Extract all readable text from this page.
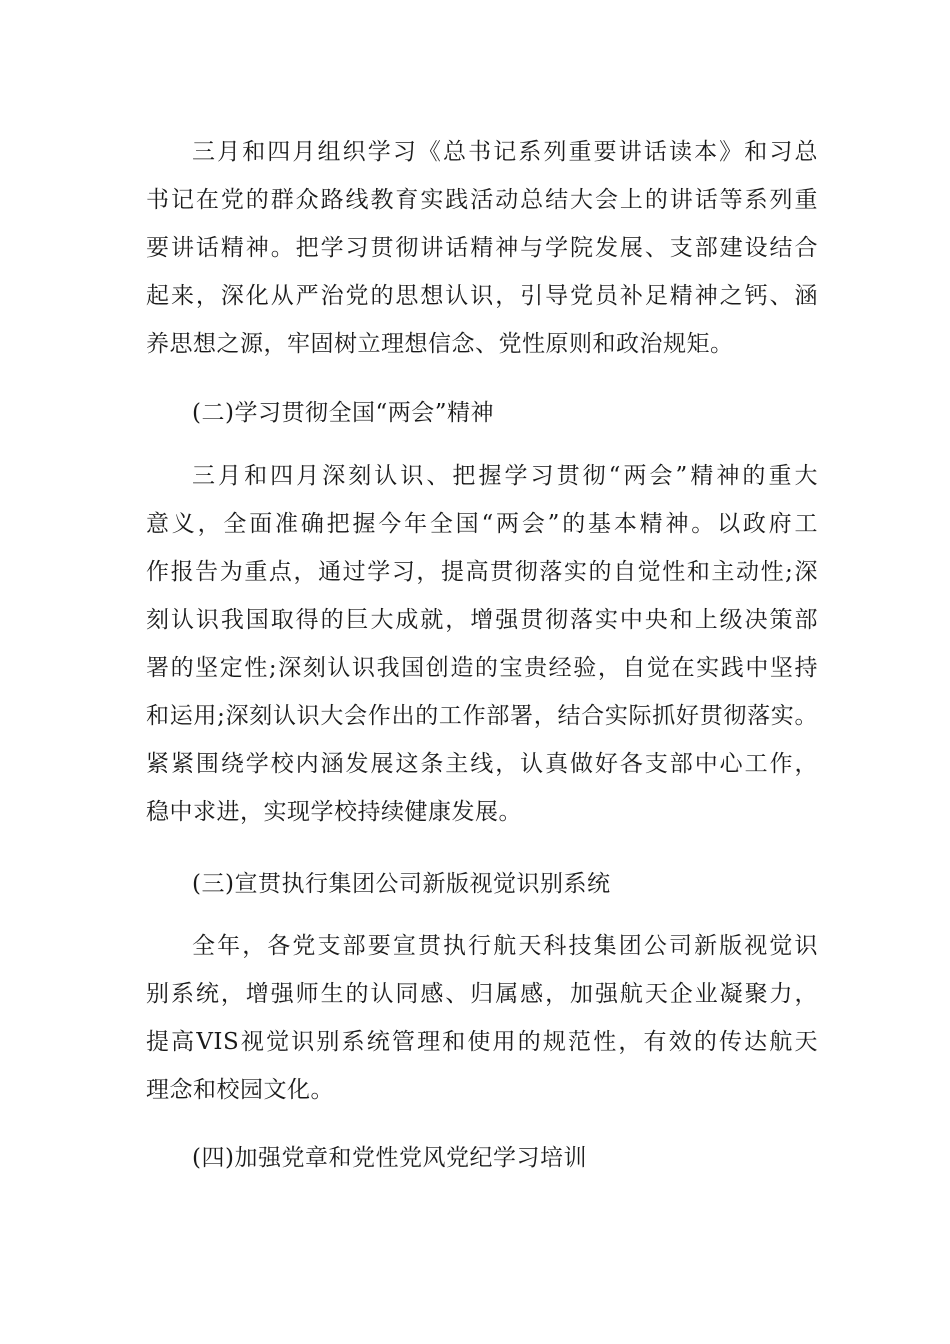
三月和四月组织学习《总书记系列重要讲话读本》和习总
书记在党的群众路线教育实践活动总结大会上的讲话等系列重
要讲话精神。把学习贯彻讲话精神与学院发展、支部建设结合
起来，深化从严治党的思想认识，引导党员补足精神之钙、涵
养思想之源，牢固树立理想信念、党性原则和政治规矩。
(二)学习贯彻全国“两会”精神
三月和四月深刻认识、把握学习贯彻“两会”精神的重大
意义，全面准确把握今年全国“两会”的基本精神。以政府工
作报告为重点，通过学习，提高贯彻落实的自觉性和主动性;深
刻认识我国取得的巨大成就，增强贯彻落实中央和上级决策部
署的坚定性;深刻认识我国创造的宝贵经验，自觉在实践中坚持
和运用;深刻认识大会作出的工作部署，结合实际抓好贯彻落实。
紧紧围绕学校内涵发展这条主线，认真做好各支部中心工作，
稳中求进，实现学校持续健康发展。
(三)宣贯执行集团公司新版视觉识别系统
全年，各党支部要宣贯执行航天科技集团公司新版视觉识
别系统，增强师生的认同感、归属感，加强航天企业凝聚力，
提高VIS视觉识别系统管理和使用的规范性，有效的传达航天
理念和校园文化。
(四)加强党章和党性党风党纪学习培训
